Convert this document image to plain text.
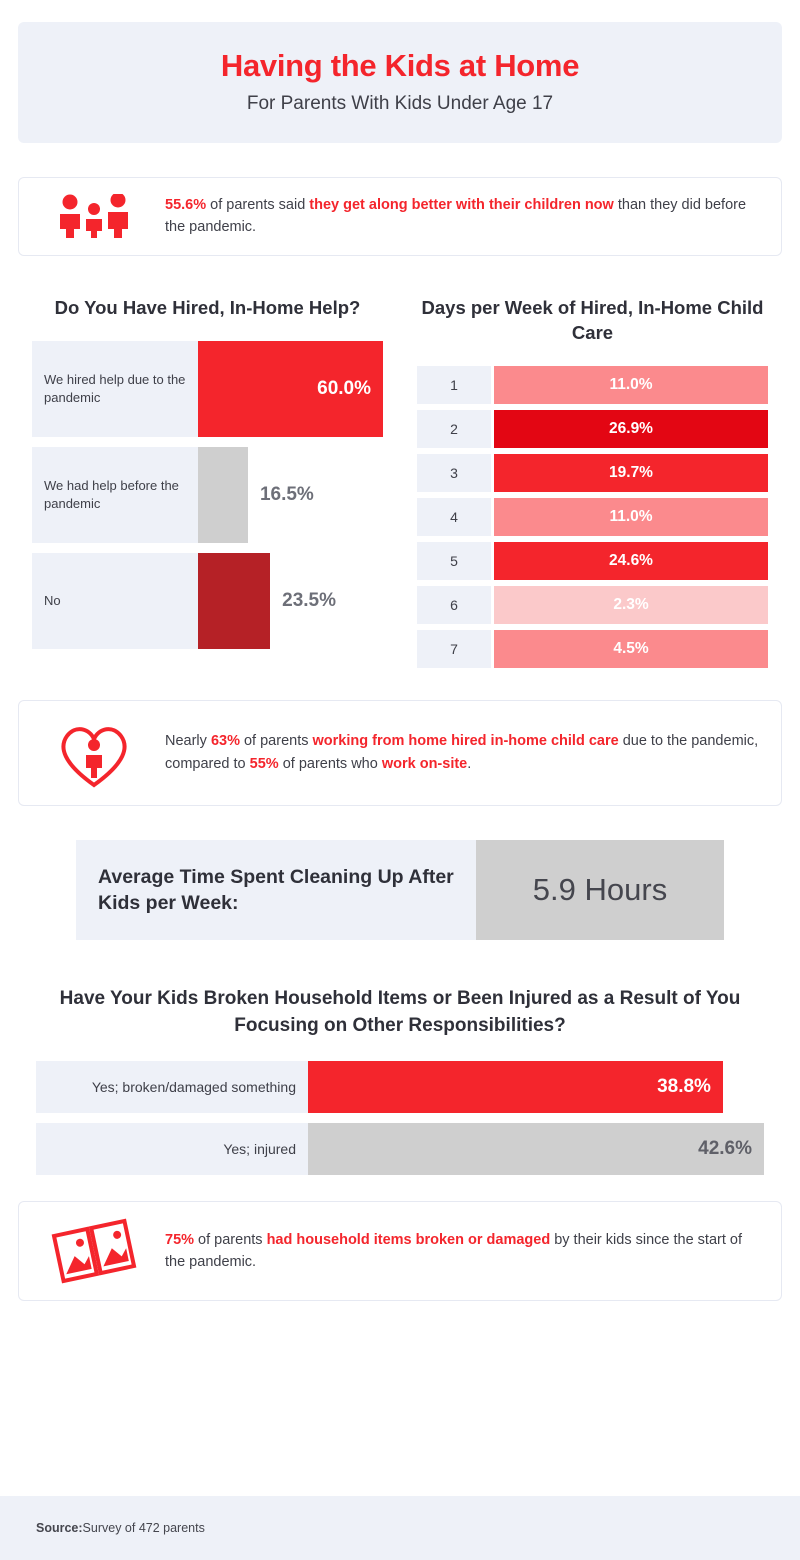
Having the Kids at Home
For Parents With Kids Under Age 17
55.6% of parents said they get along better with their children now than they did before the pandemic.
Do You Have Hired, In-Home Help?
We hired help due to the pandemic	60.0%
We had help before the pandemic	16.5%
No	23.5%
Days per Week of Hired, In-Home Child Care
1	11.0%
2	26.9%
3	19.7%
4	11.0%
5	24.6%
6	2.3%
7	4.5%
Nearly 63% of parents working from home hired in-home child care due to the pandemic, compared to 55% of parents who work on-site.
Average Time Spent Cleaning Up After Kids per Week:	5.9 Hours
Have Your Kids Broken Household Items or Been Injured as a Result of You Focusing on Other Responsibilities?
Yes; broken/damaged something	38.8%
Yes; injured	42.6%
75% of parents had household items broken or damaged by their kids since the start of the pandemic.
Source: Survey of 472 parents
